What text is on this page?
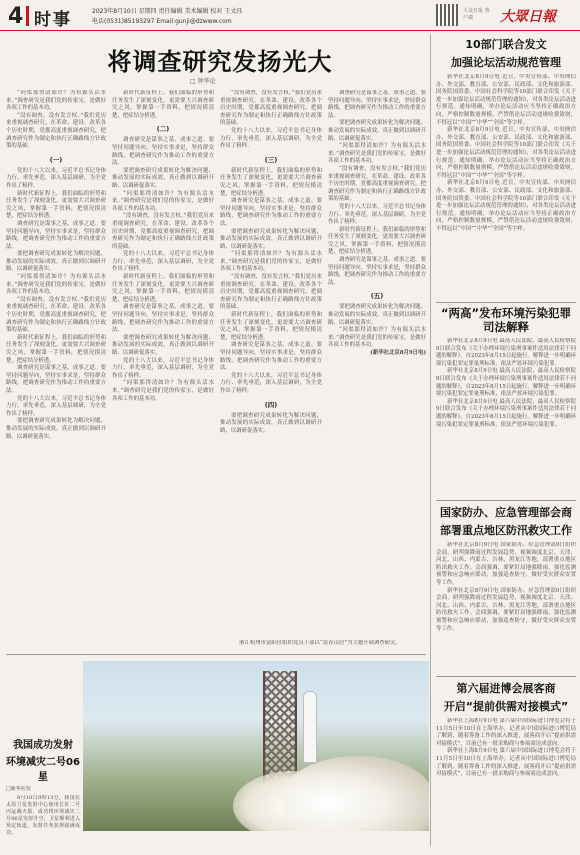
4 时事	2023年8月10日 星期四 责任编辑 美术编辑 校对 王文珏
电话(0531)85193297 Email:gunji@dzwww.com
大众日报 客户端	大眾日報
将调查研究发扬光大
□ 钟华论

“问渠那得清如许？为有源头活水来。”调查研究是我们党的传家宝，是做好各项工作的基本功。

“没有调查，没有发言权。”我们党历来重视调查研究。在革命、建设、改革各个历史时期，党都高度重视调查研究，把调查研究作为制定和执行正确路线方针政策的基础。

(一)

党的十八大以来，习近平总书记身体力行、率先垂范，深入基层调研，为全党作出了榜样。

新时代新征程上，我们面临的形势和任务发生了深刻变化，更需要大兴调查研究之风，掌握第一手资料，把情况摸清楚，把症结分析透。

调查研究是谋事之基、成事之道。要坚持问题导向，坚持实事求是，坚持群众路线，把调查研究作为推动工作的重要方法。

要把调查研究成果转化为解决问题、推动发展的实际成效，真正做到以调研开路、以调研促落实。

“问渠那得清如许？为有源头活水来。”调查研究是我们党的传家宝，是做好各项工作的基本功。

“没有调查，没有发言权。”我们党历来重视调查研究。在革命、建设、改革各个历史时期，党都高度重视调查研究，把调查研究作为制定和执行正确路线方针政策的基础。

新时代新征程上，我们面临的形势和任务发生了深刻变化，更需要大兴调查研究之风，掌握第一手资料，把情况摸清楚，把症结分析透。

调查研究是谋事之基、成事之道。要坚持问题导向，坚持实事求是，坚持群众路线，把调查研究作为推动工作的重要方法。

党的十八大以来，习近平总书记身体力行、率先垂范，深入基层调研，为全党作出了榜样。

要把调查研究成果转化为解决问题、推动发展的实际成效，真正做到以调研开路、以调研促落实。

新时代新征程上，我们面临的形势和任务发生了深刻变化，更需要大兴调查研究之风，掌握第一手资料，把情况摸清楚，把症结分析透。

(二)

调查研究是谋事之基、成事之道。要坚持问题导向，坚持实事求是，坚持群众路线，把调查研究作为推动工作的重要方法。

要把调查研究成果转化为解决问题、推动发展的实际成效，真正做到以调研开路、以调研促落实。

“问渠那得清如许？为有源头活水来。”调查研究是我们党的传家宝，是做好各项工作的基本功。

“没有调查，没有发言权。”我们党历来重视调查研究。在革命、建设、改革各个历史时期，党都高度重视调查研究，把调查研究作为制定和执行正确路线方针政策的基础。

党的十八大以来，习近平总书记身体力行、率先垂范，深入基层调研，为全党作出了榜样。

新时代新征程上，我们面临的形势和任务发生了深刻变化，更需要大兴调查研究之风，掌握第一手资料，把情况摸清楚，把症结分析透。

调查研究是谋事之基、成事之道。要坚持问题导向，坚持实事求是，坚持群众路线，把调查研究作为推动工作的重要方法。

要把调查研究成果转化为解决问题、推动发展的实际成效，真正做到以调研开路、以调研促落实。

党的十八大以来，习近平总书记身体力行、率先垂范，深入基层调研，为全党作出了榜样。

“问渠那得清如许？为有源头活水来。”调查研究是我们党的传家宝，是做好各项工作的基本功。

“没有调查，没有发言权。”我们党历来重视调查研究。在革命、建设、改革各个历史时期，党都高度重视调查研究，把调查研究作为制定和执行正确路线方针政策的基础。

党的十八大以来，习近平总书记身体力行、率先垂范，深入基层调研，为全党作出了榜样。

(三)

新时代新征程上，我们面临的形势和任务发生了深刻变化，更需要大兴调查研究之风，掌握第一手资料，把情况摸清楚，把症结分析透。

调查研究是谋事之基、成事之道。要坚持问题导向，坚持实事求是，坚持群众路线，把调查研究作为推动工作的重要方法。

要把调查研究成果转化为解决问题、推动发展的实际成效，真正做到以调研开路、以调研促落实。

“问渠那得清如许？为有源头活水来。”调查研究是我们党的传家宝，是做好各项工作的基本功。

“没有调查，没有发言权。”我们党历来重视调查研究。在革命、建设、改革各个历史时期，党都高度重视调查研究，把调查研究作为制定和执行正确路线方针政策的基础。

新时代新征程上，我们面临的形势和任务发生了深刻变化，更需要大兴调查研究之风，掌握第一手资料，把情况摸清楚，把症结分析透。

调查研究是谋事之基、成事之道。要坚持问题导向，坚持实事求是，坚持群众路线，把调查研究作为推动工作的重要方法。

党的十八大以来，习近平总书记身体力行、率先垂范，深入基层调研，为全党作出了榜样。

(四)

要把调查研究成果转化为解决问题、推动发展的实际成效，真正做到以调研开路、以调研促落实。

调查研究是谋事之基、成事之道。要坚持问题导向，坚持实事求是，坚持群众路线，把调查研究作为推动工作的重要方法。

要把调查研究成果转化为解决问题、推动发展的实际成效，真正做到以调研开路、以调研促落实。

“问渠那得清如许？为有源头活水来。”调查研究是我们党的传家宝，是做好各项工作的基本功。

“没有调查，没有发言权。”我们党历来重视调查研究。在革命、建设、改革各个历史时期，党都高度重视调查研究，把调查研究作为制定和执行正确路线方针政策的基础。

党的十八大以来，习近平总书记身体力行、率先垂范，深入基层调研，为全党作出了榜样。

新时代新征程上，我们面临的形势和任务发生了深刻变化，更需要大兴调查研究之风，掌握第一手资料，把情况摸清楚，把症结分析透。

调查研究是谋事之基、成事之道。要坚持问题导向，坚持实事求是，坚持群众路线，把调查研究作为推动工作的重要方法。

(五)

要把调查研究成果转化为解决问题、推动发展的实际成效，真正做到以调研开路、以调研促落实。

“问渠那得清如许？为有源头活水来。”调查研究是我们党的传家宝，是做好各项工作的基本功。

(新华社北京8月9日电)

浙江杭州市富阳区组织党员干部以“富春山居”为主题开展调查研究。
10部门联合发文
加强论坛活动规范管理

新华社北京8月9日电 近日，中央宣传部、中央网信办、外交部、教育部、公安部、民政部、文化和旅游部、国务院国资委、中国社会科学院等10部门联合印发《关于进一步加强论坛活动规范管理的通知》，对各类论坛活动进行规范。通知明确，举办论坛活动应当坚持正确政治方向，严格控制数量规模，严禁借论坛活动违规收费敛财，不得冠以“中国”“中华”“全国”等字样。

新华社北京8月9日电 近日，中央宣传部、中央网信办、外交部、教育部、公安部、民政部、文化和旅游部、国务院国资委、中国社会科学院等10部门联合印发《关于进一步加强论坛活动规范管理的通知》，对各类论坛活动进行规范。通知明确，举办论坛活动应当坚持正确政治方向，严格控制数量规模，严禁借论坛活动违规收费敛财，不得冠以“中国”“中华”“全国”等字样。

新华社北京8月9日电 近日，中央宣传部、中央网信办、外交部、教育部、公安部、民政部、文化和旅游部、国务院国资委、中国社会科学院等10部门联合印发《关于进一步加强论坛活动规范管理的通知》，对各类论坛活动进行规范。通知明确，举办论坛活动应当坚持正确政治方向，严格控制数量规模，严禁借论坛活动违规收费敛财，不得冠以“中国”“中华”“全国”等字样。

“两高”发布环境污染犯罪司法解释

新华社北京8月9日电 最高人民法院、最高人民检察院9日联合发布《关于办理环境污染刑事案件适用法律若干问题的解释》，自2023年8月15日起施行。解释进一步明确环境污染犯罪定罪量刑标准，依法严惩环境污染犯罪。

新华社北京8月9日电 最高人民法院、最高人民检察院9日联合发布《关于办理环境污染刑事案件适用法律若干问题的解释》，自2023年8月15日起施行。解释进一步明确环境污染犯罪定罪量刑标准，依法严惩环境污染犯罪。

新华社北京8月9日电 最高人民法院、最高人民检察院9日联合发布《关于办理环境污染刑事案件适用法律若干问题的解释》，自2023年8月15日起施行。解释进一步明确环境污染犯罪定罪量刑标准，依法严惩环境污染犯罪。

国家防办、应急管理部会商
部署重点地区防汛救灾工作

新华社北京8月9日电 国家防办、应急管理部9日组织会商，研判强降雨过程发展趋势，视频调度北京、天津、河北、山西、内蒙古、吉林、黑龙江等地，部署重点地区防汛救灾工作。会商强调，要紧盯局地强降雨，强化监测预警和应急响应联动，加强巡查防守，做好受灾群众安置等工作。

新华社北京8月9日电 国家防办、应急管理部9日组织会商，研判强降雨过程发展趋势，视频调度北京、天津、河北、山西、内蒙古、吉林、黑龙江等地，部署重点地区防汛救灾工作。会商强调，要紧盯局地强降雨，强化监测预警和应急响应联动，加强巡查防守，做好受灾群众安置等工作。

第六届进博会展客商
开启“提前供需对接模式”

新华社上海8月9日电 第六届中国国际进口博览会将于11月5日至10日在上海举办。记者从中国国际进口博览局了解到，随着筹备工作的深入推进，展客商开启“提前供需对接模式”，目前已有一批采购商与参展商达成意向。

新华社上海8月9日电 第六届中国国际进口博览会将于11月5日至10日在上海举办。记者从中国国际进口博览局了解到，随着筹备工作的深入推进，展客商开启“提前供需对接模式”，目前已有一批采购商与参展商达成意向。

我国成功发射
环境减灾二号06星
□新华社发

8月10日9时13分，我国在太原卫星发射中心使用长征二号丙运载火箭，成功将环境减灾二号06星发射升空，卫星顺利进入预定轨道，发射任务获得圆满成功。
